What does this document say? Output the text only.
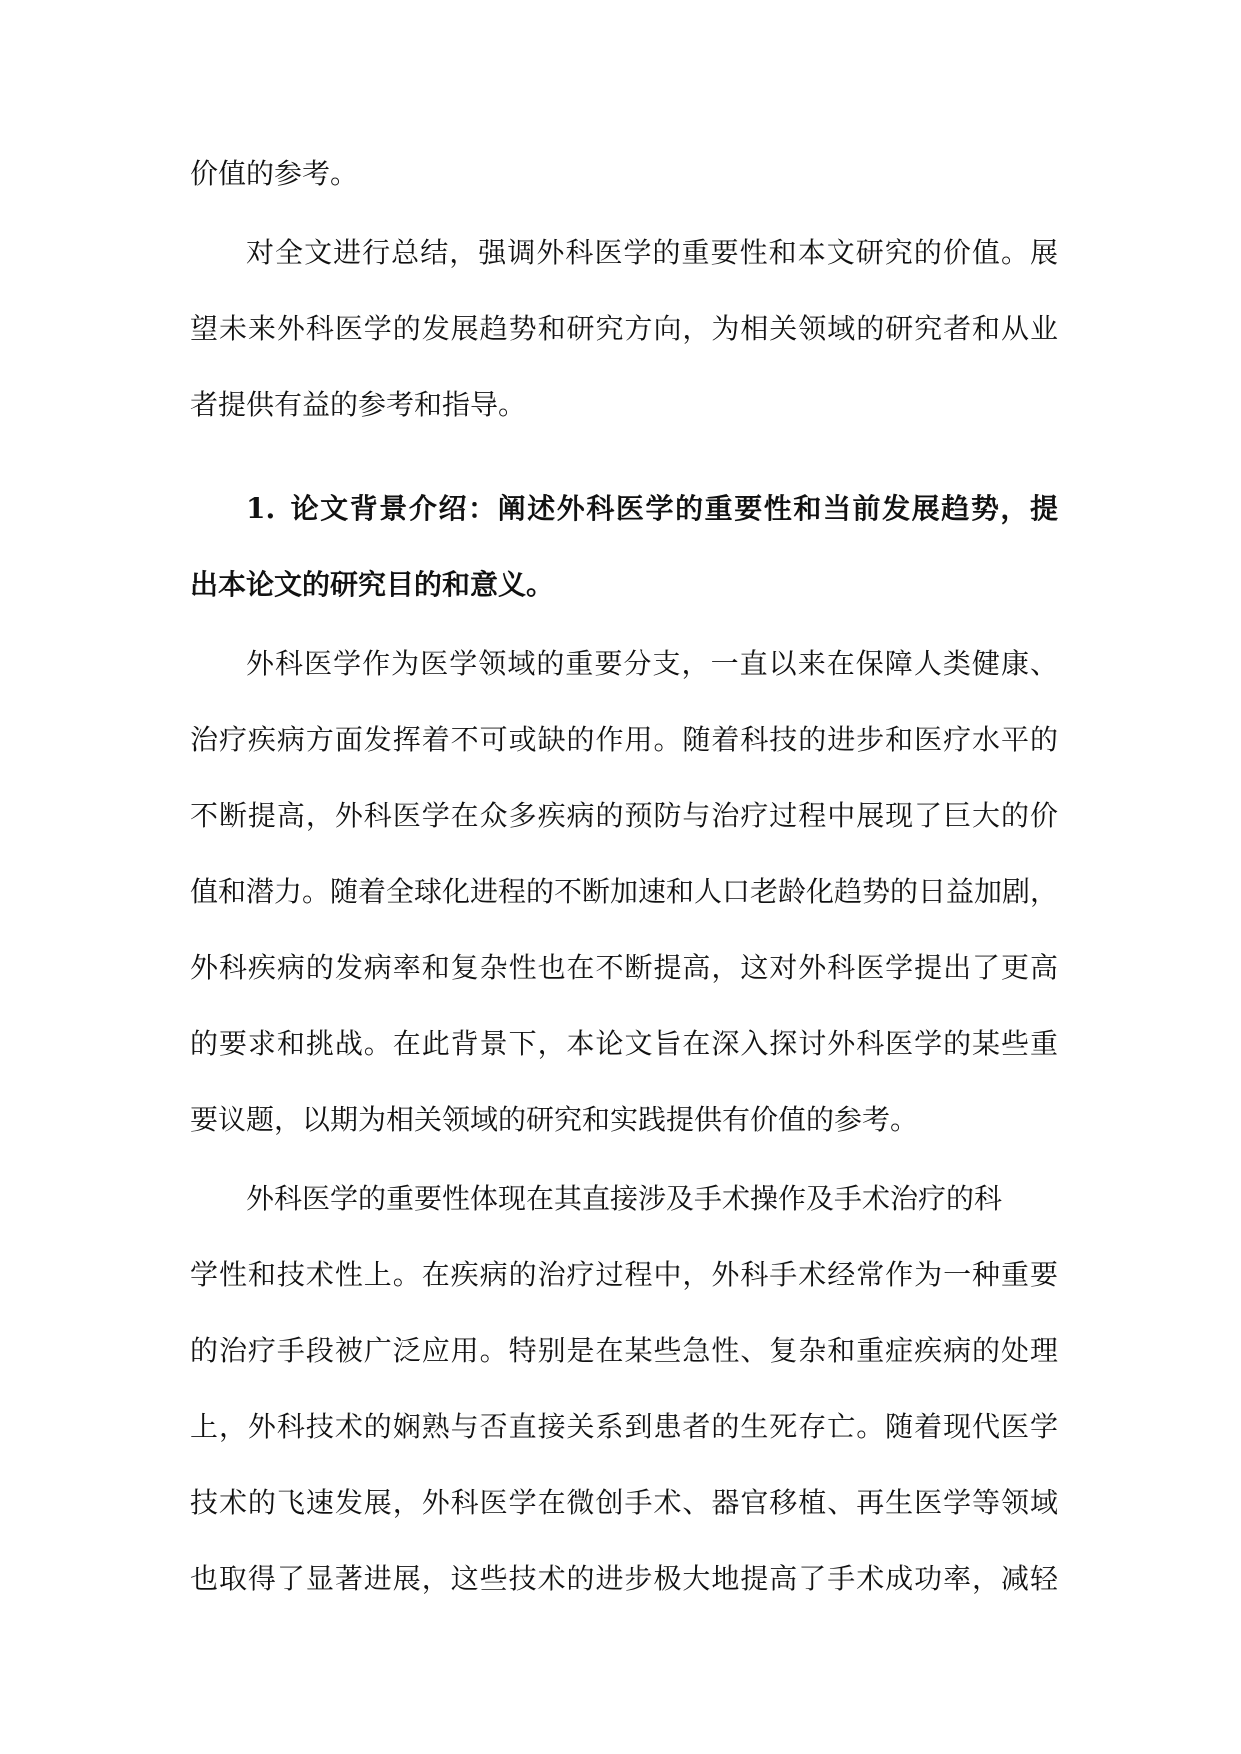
价值的参考。
对全文进行总结，强调外科医学的重要性和本文研究的价值。展
望未来外科医学的发展趋势和研究方向，为相关领域的研究者和从业
者提供有益的参考和指导。
1. 论文背景介绍：阐述外科医学的重要性和当前发展趋势，提
出本论文的研究目的和意义。
外科医学作为医学领域的重要分支，一直以来在保障人类健康、
治疗疾病方面发挥着不可或缺的作用。随着科技的进步和医疗水平的
不断提高，外科医学在众多疾病的预防与治疗过程中展现了巨大的价
值和潜力。随着全球化进程的不断加速和人口老龄化趋势的日益加剧，
外科疾病的发病率和复杂性也在不断提高，这对外科医学提出了更高
的要求和挑战。在此背景下，本论文旨在深入探讨外科医学的某些重
要议题，以期为相关领域的研究和实践提供有价值的参考。
外科医学的重要性体现在其直接涉及手术操作及手术治疗的科
学性和技术性上。在疾病的治疗过程中，外科手术经常作为一种重要
的治疗手段被广泛应用。特别是在某些急性、复杂和重症疾病的处理
上，外科技术的娴熟与否直接关系到患者的生死存亡。随着现代医学
技术的飞速发展，外科医学在微创手术、器官移植、再生医学等领域
也取得了显著进展，这些技术的进步极大地提高了手术成功率，减轻
